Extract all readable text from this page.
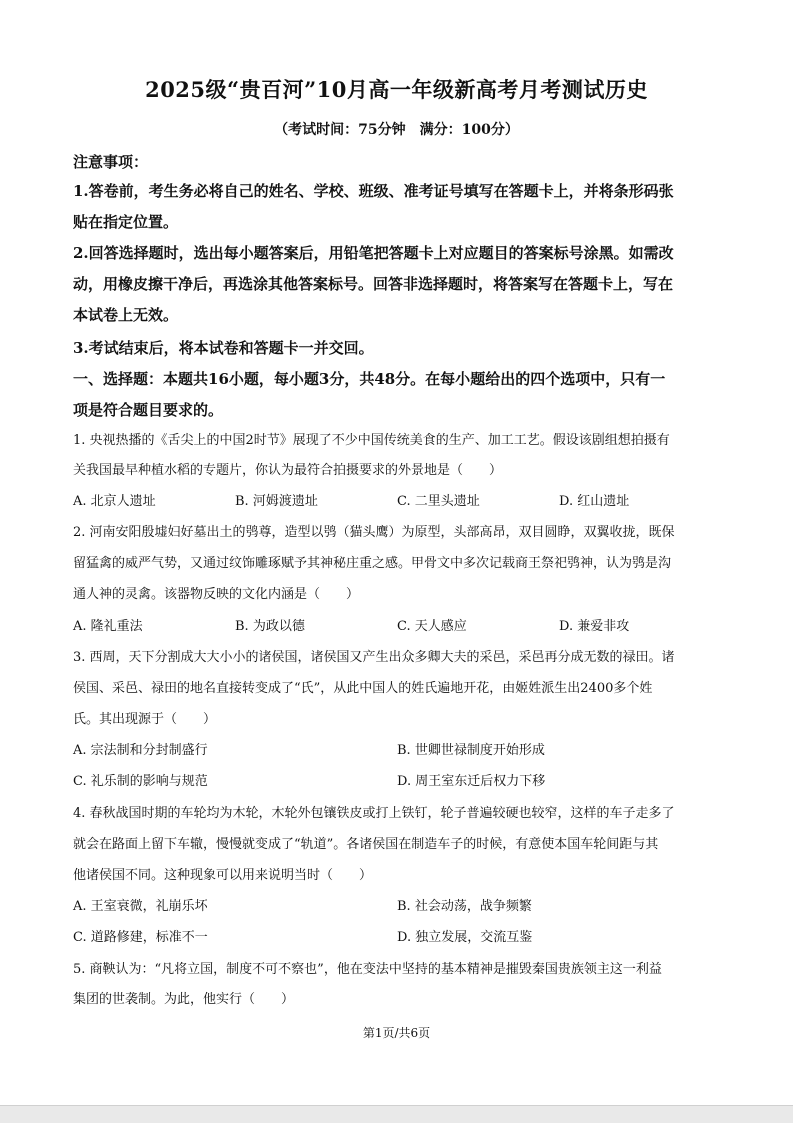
2025级“贵百河”10月高一年级新高考月考测试历史
（考试时间：75分钟　满分：100分）
注意事项：
1.答卷前，考生务必将自己的姓名、学校、班级、准考证号填写在答题卡上，并将条形码张
贴在指定位置。
2.回答选择题时，选出每小题答案后，用铅笔把答题卡上对应题目的答案标号涂黑。如需改
动，用橡皮擦干净后，再选涂其他答案标号。回答非选择题时，将答案写在答题卡上，写在
本试卷上无效。
3.考试结束后，将本试卷和答题卡一并交回。
一、选择题：本题共16小题，每小题3分，共48分。在每小题给出的四个选项中，只有一
项是符合题目要求的。
1. 央视热播的《舌尖上的中国2时节》展现了不少中国传统美食的生产、加工工艺。假设该剧组想拍摄有
关我国最早种植水稻的专题片，你认为最符合拍摄要求的外景地是（　　）
A. 北京人遗址	B. 河姆渡遗址	C. 二里头遗址	D. 红山遗址
2. 河南安阳殷墟妇好墓出土的鸮尊，造型以鸮（猫头鹰）为原型，头部高昂，双目圆睁，双翼收拢，既保
留猛禽的威严气势，又通过纹饰雕琢赋予其神秘庄重之感。甲骨文中多次记载商王祭祀鸮神，认为鸮是沟
通人神的灵禽。该器物反映的文化内涵是（　　）
A. 隆礼重法	B. 为政以德	C. 天人感应	D. 兼爱非攻
3. 西周，天下分割成大大小小的诸侯国，诸侯国又产生出众多卿大夫的采邑，采邑再分成无数的禄田。诸
侯国、采邑、禄田的地名直接转变成了“氏”，从此中国人的姓氏遍地开花，由姬姓派生出2400多个姓
氏。其出现源于（　　）
A. 宗法制和分封制盛行	B. 世卿世禄制度开始形成
C. 礼乐制的影响与规范	D. 周王室东迁后权力下移
4. 春秋战国时期的车轮均为木轮，木轮外包镶铁皮或打上铁钉，轮子普遍较硬也较窄，这样的车子走多了
就会在路面上留下车辙，慢慢就变成了“轨道”。各诸侯国在制造车子的时候，有意使本国车轮间距与其
他诸侯国不同。这种现象可以用来说明当时（　　）
A. 王室衰微，礼崩乐坏	B. 社会动荡，战争频繁
C. 道路修建，标准不一	D. 独立发展，交流互鉴
5. 商鞅认为：“凡将立国，制度不可不察也”，他在变法中坚持的基本精神是摧毁秦国贵族领主这一利益
集团的世袭制。为此，他实行（　　）
第1页/共6页
